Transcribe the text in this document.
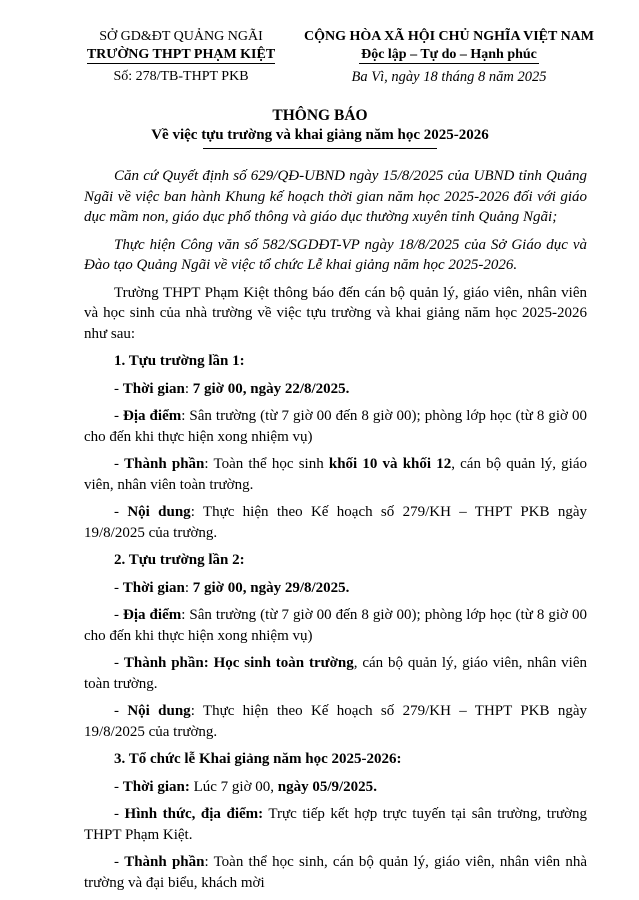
SỞ GD&ĐT QUẢNG NGÃI
TRƯỜNG THPT PHẠM KIỆT
Số: 278/TB-THPT PKB
CỘNG HÒA XÃ HỘI CHỦ NGHĨA VIỆT NAM
Độc lập – Tự do – Hạnh phúc
Ba Vì, ngày 18 tháng 8 năm 2025
THÔNG BÁO
Về việc tựu trường và khai giảng năm học 2025-2026

Căn cứ Quyết định số 629/QĐ-UBND ngày 15/8/2025 của UBND tỉnh Quảng Ngãi về việc ban hành Khung kế hoạch thời gian năm học 2025-2026 đối với giáo dục mầm non, giáo dục phổ thông và giáo dục thường xuyên tỉnh Quảng Ngãi;

Thực hiện Công văn số 582/SGDĐT-VP ngày 18/8/2025 của Sở Giáo dục và Đào tạo Quảng Ngãi về việc tổ chức Lễ khai giảng năm học 2025-2026.

Trường THPT Phạm Kiệt thông báo đến cán bộ quản lý, giáo viên, nhân viên và học sinh của nhà trường về việc tựu trường và khai giảng năm học 2025-2026 như sau:

1. Tựu trường lần 1:

- Thời gian: 7 giờ 00, ngày 22/8/2025.

- Địa điểm: Sân trường (từ 7 giờ 00 đến 8 giờ 00); phòng lớp học (từ 8 giờ 00 cho đến khi thực hiện xong nhiệm vụ)

- Thành phần: Toàn thể học sinh khối 10 và khối 12, cán bộ quản lý, giáo viên, nhân viên toàn trường.

- Nội dung: Thực hiện theo Kế hoạch số 279/KH – THPT PKB ngày 19/8/2025 của trường.

2. Tựu trường lần 2:

- Thời gian: 7 giờ 00, ngày 29/8/2025.

- Địa điểm: Sân trường (từ 7 giờ 00 đến 8 giờ 00); phòng lớp học (từ 8 giờ 00 cho đến khi thực hiện xong nhiệm vụ)

- Thành phần: Học sinh toàn trường, cán bộ quản lý, giáo viên, nhân viên toàn trường.

- Nội dung: Thực hiện theo Kế hoạch số 279/KH – THPT PKB ngày 19/8/2025 của trường.

3. Tổ chức lễ Khai giảng năm học 2025-2026:

- Thời gian: Lúc 7 giờ 00, ngày 05/9/2025.

- Hình thức, địa điểm: Trực tiếp kết hợp trực tuyến tại sân trường, trường THPT Phạm Kiệt.

- Thành phần: Toàn thể học sinh, cán bộ quản lý, giáo viên, nhân viên nhà trường và đại biểu, khách mời
